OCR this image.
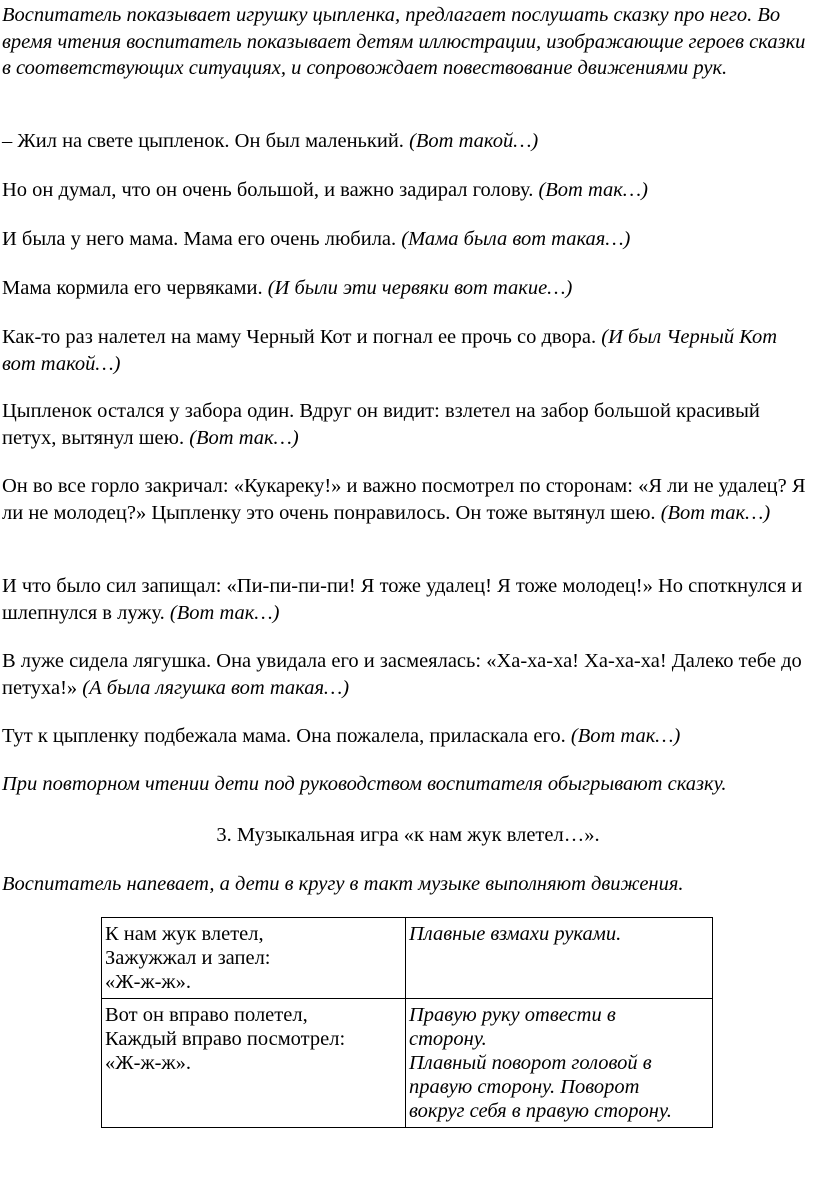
Воспитатель показывает игрушку цыпленка, предлагает послушать сказку про него. Во время чтения воспитатель показывает детям иллюстрации, изображающие героев сказки в соответствующих ситуациях, и сопровождает повествование движениями рук.
– Жил на свете цыпленок. Он был маленький. (Вот такой…)
Но он думал, что он очень большой, и важно задирал голову. (Вот так…)
И была у него мама. Мама его очень любила. (Мама была вот такая…)
Мама кормила его червяками. (И были эти червяки вот такие…)
Как-то раз налетел на маму Черный Кот и погнал ее прочь со двора. (И был Черный Кот вот такой…)
Цыпленок остался у забора один. Вдруг он видит: взлетел на забор большой красивый петух, вытянул шею. (Вот так…)
Он во все горло закричал: «Кукареку!» и важно посмотрел по сторонам: «Я ли не удалец? Я ли не молодец?» Цыпленку это очень понравилось. Он тоже вытянул шею. (Вот так…)
И что было сил запищал: «Пи-пи-пи-пи! Я тоже удалец! Я тоже молодец!» Но споткнулся и шлепнулся в лужу. (Вот так…)
В луже сидела лягушка. Она увидала его и засмеялась: «Ха-ха-ха! Ха-ха-ха! Далеко тебе до петуха!» (А была лягушка вот такая…)
Тут к цыпленку подбежала мама. Она пожалела, приласкала его. (Вот так…)
При повторном чтении дети под руководством воспитателя обыгрывают сказку.
3. Музыкальная игра «к нам жук влетел…».
Воспитатель напевает, а дети в кругу в такт музыке выполняют движения.
К нам жук влетел,
Зажужжал и запел:
«Ж-ж-ж».	Плавные взмахи руками.

Вот он вправо полетел,
Каждый вправо посмотрел:
«Ж-ж-ж».	Правую руку отвести в
сторону.
Плавный поворот головой в
правую сторону. Поворот
вокруг себя в правую сторону.
